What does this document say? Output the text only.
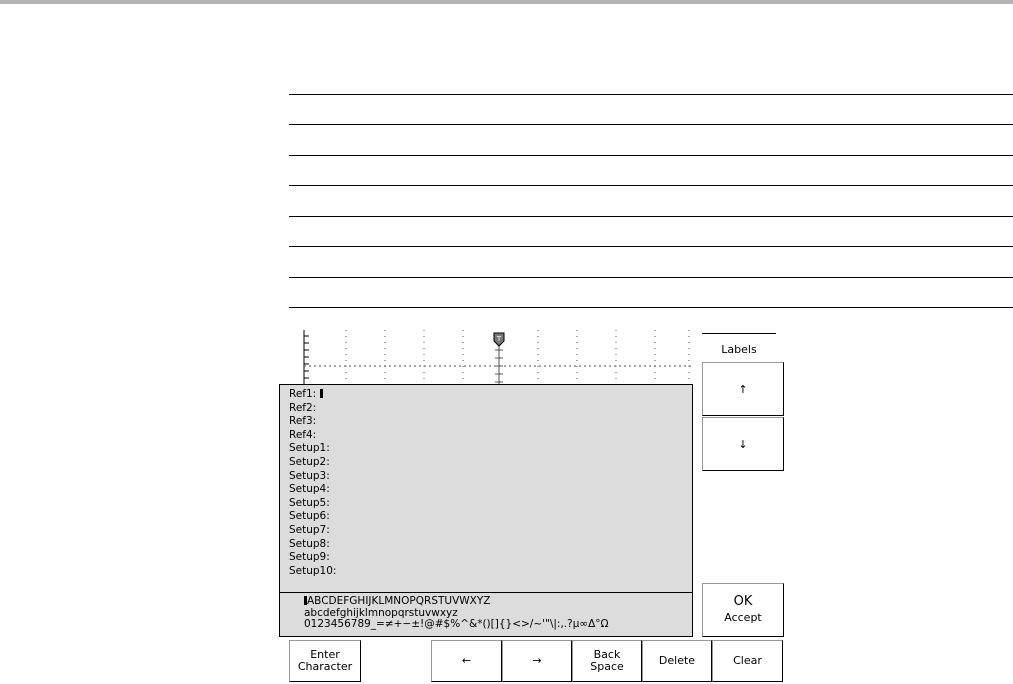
T
Ref1:
Ref2:
Ref3:
Ref4:
Setup1:
Setup2:
Setup3:
Setup4:
Setup5:
Setup6:
Setup7:
Setup8:
Setup9:
Setup10:
ABCDEFGHIJKLMNOPQRSTUVWXYZ
abcdefghijklmnopqrstuvwxyz
0123456789_=≠+−±!@#$%^&*()[]{}<>/~'"\|:,.?μ∞Δ°Ω
Labels
↑
↓
OK
Accept
Enter
Character	←	→	Back
Space	Delete	Clear
